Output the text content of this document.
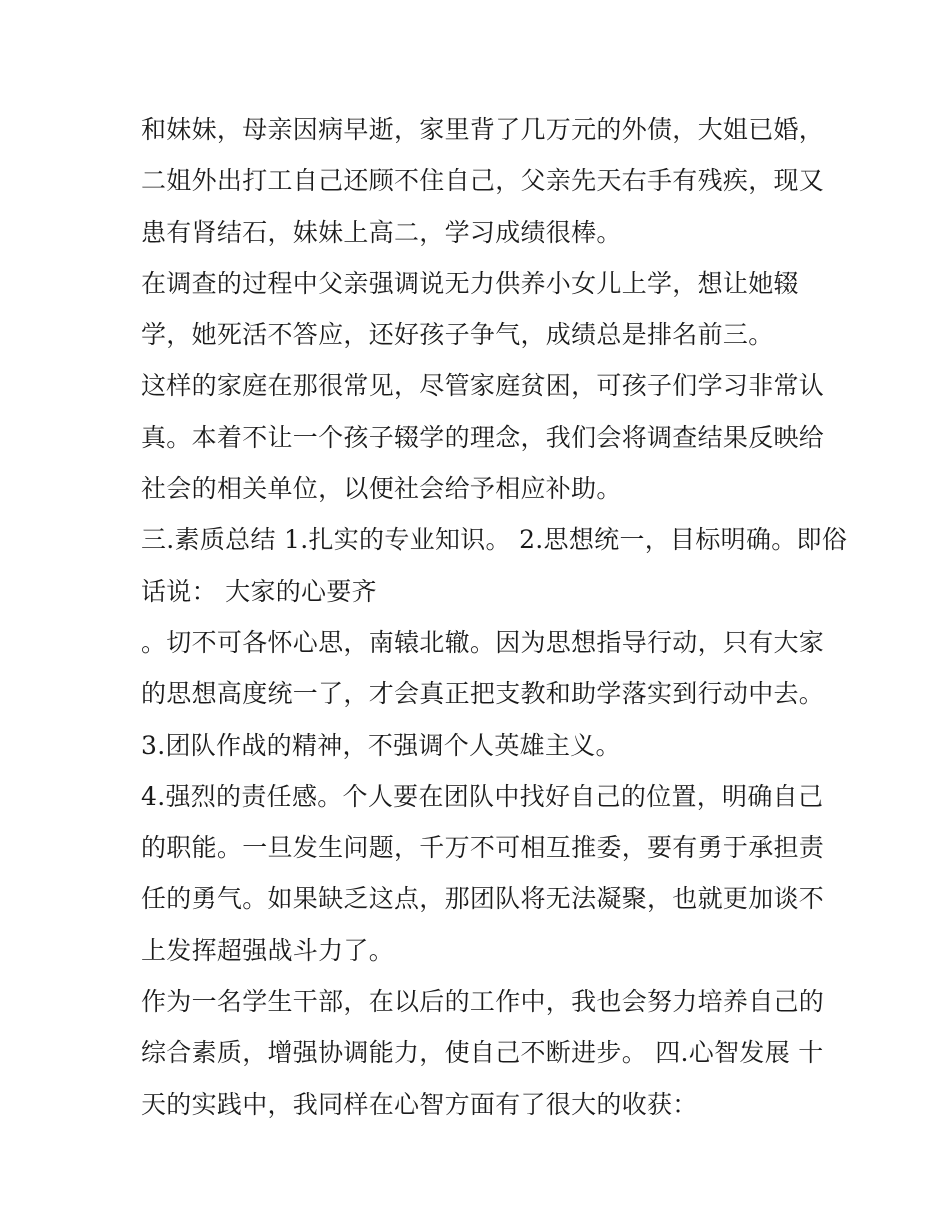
和妹妹，母亲因病早逝，家里背了几万元的外债，大姐已婚，
二姐外出打工自己还顾不住自己，父亲先天右手有残疾，现又
患有肾结石，妹妹上高二，学习成绩很棒。
在调查的过程中父亲强调说无力供养小女儿上学，想让她辍
学，她死活不答应，还好孩子争气，成绩总是排名前三。
这样的家庭在那很常见，尽管家庭贫困，可孩子们学习非常认
真。本着不让一个孩子辍学的理念，我们会将调查结果反映给
社会的相关单位，以便社会给予相应补助。
三.素质总结 1.扎实的专业知识。 2.思想统一，目标明确。即俗
话说： 大家的心要齐
。切不可各怀心思，南辕北辙。因为思想指导行动，只有大家
的思想高度统一了，才会真正把支教和助学落实到行动中去。
3.团队作战的精神，不强调个人英雄主义。
4.强烈的责任感。个人要在团队中找好自己的位置，明确自己
的职能。一旦发生问题，千万不可相互推委，要有勇于承担责
任的勇气。如果缺乏这点，那团队将无法凝聚，也就更加谈不
上发挥超强战斗力了。
作为一名学生干部，在以后的工作中，我也会努力培养自己的
综合素质，增强协调能力，使自己不断进步。 四.心智发展 十
天的实践中，我同样在心智方面有了很大的收获：
